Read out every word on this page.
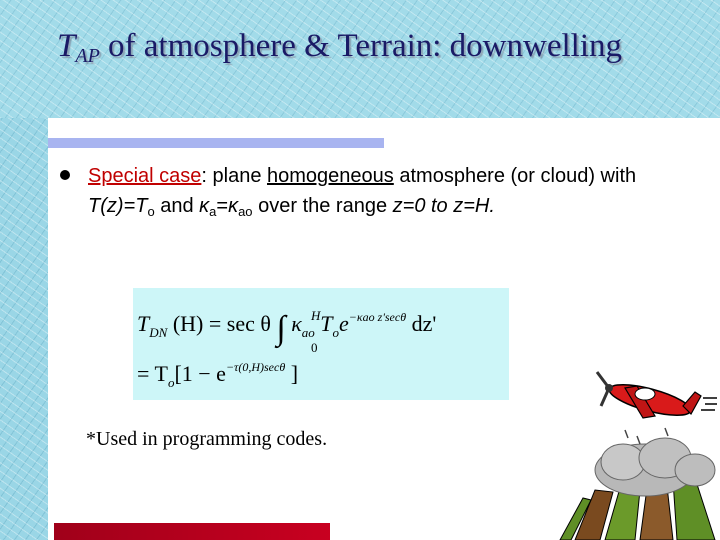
$T_{AP}$ of atmosphere & Terrain: downwelling
Special case: plane homogeneous atmosphere (or cloud) with $T(z)=T_o$ and $\kappa_a=\kappa_{ao}$ over the range z=0 to z=H.
$T_{DN}$ (H) = sec θ ∫ $\kappa_{ao}$ $T_oe^{-\kappa ao z'sec\theta}$ dz'
H
0
= $T_o[1 - e^{-\tau(0,H)sec\theta}$ ]
*Used in programming codes.
